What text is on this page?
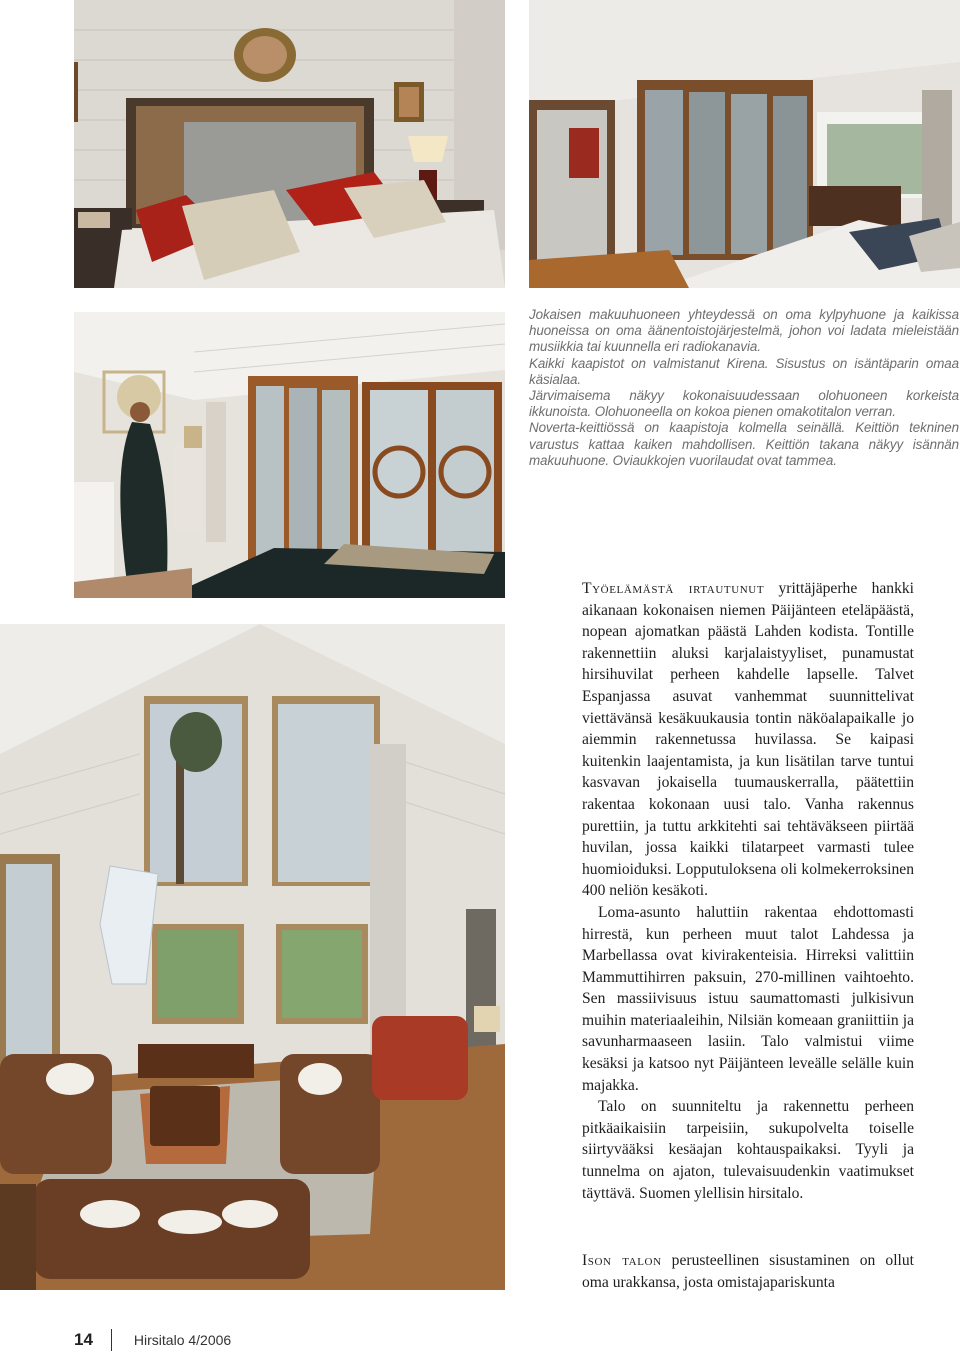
Jokaisen makuuhuoneen yhteydessä on oma kylpyhuone ja kaikissa huoneissa on oma äänentoistojärjestelmä, johon voi ladata mieleistään musiikkia tai kuunnella eri radiokanavia.

Kaikki kaapistot on valmistanut Kirena. Sisustus on isäntäparin omaa käsialaa.

Järvimaisema näkyy kokonaisuudessaan olohuoneen korkeista ikkunoista. Olohuoneella on kokoa pienen omakotitalon verran.

Noverta-keittiössä on kaapistoja kolmella seinällä. Keittiön tekninen varustus kattaa kaiken mahdollisen. Keittiön takana näkyy isännän makuuhuone. Oviaukkojen vuorilaudat ovat tammea.

Työelämästä irtautunut yrittäjäperhe hankki aikanaan kokonaisen niemen Päijänteen eteläpäästä, nopean ajomatkan päästä Lahden kodista. Tontille rakennettiin aluksi karjalaistyyliset, punamustat hirsihuvilat perheen kahdelle lapselle. Talvet Espanjassa asuvat vanhemmat suunnittelivat viettävänsä kesäkuukausia tontin näköalapaikalle jo aiemmin rakennetussa huvilassa. Se kaipasi kuitenkin laajentamista, ja kun lisätilan tarve tuntui kasvavan jokaisella tuumauskerralla, päätettiin rakentaa kokonaan uusi talo. Vanha rakennus purettiin, ja tuttu arkkitehti sai tehtäväkseen piirtää huvilan, jossa kaikki tilatarpeet varmasti tulee huomioiduksi. Lopputuloksena oli kolmekerroksinen 400 neliön kesäkoti.

Loma-asunto haluttiin rakentaa ehdottomasti hirrestä, kun perheen muut talot Lahdessa ja Marbellassa ovat kivirakenteisia. Hirreksi valittiin Mammuttihirren paksuin, 270-millinen vaihtoehto. Sen massiivisuus istuu saumattomasti julkisivun muihin materiaaleihin, Nilsiän komeaan graniittiin ja savunharmaaseen lasiin. Talo valmistui viime kesäksi ja katsoo nyt Päijänteen leveälle selälle kuin majakka.

Talo on suunniteltu ja rakennettu perheen pitkäaikaisiin tarpeisiin, sukupolvelta toiselle siirtyvääksi kesäajan kohtauspaikaksi. Tyyli ja tunnelma on ajaton, tulevaisuudenkin vaatimukset täyttävä. Suomen ylellisin hirsitalo.

Ison talon perusteellinen sisustaminen on ollut oma urakkansa, josta omistajapariskunta

14	Hirsitalo 4/2006
